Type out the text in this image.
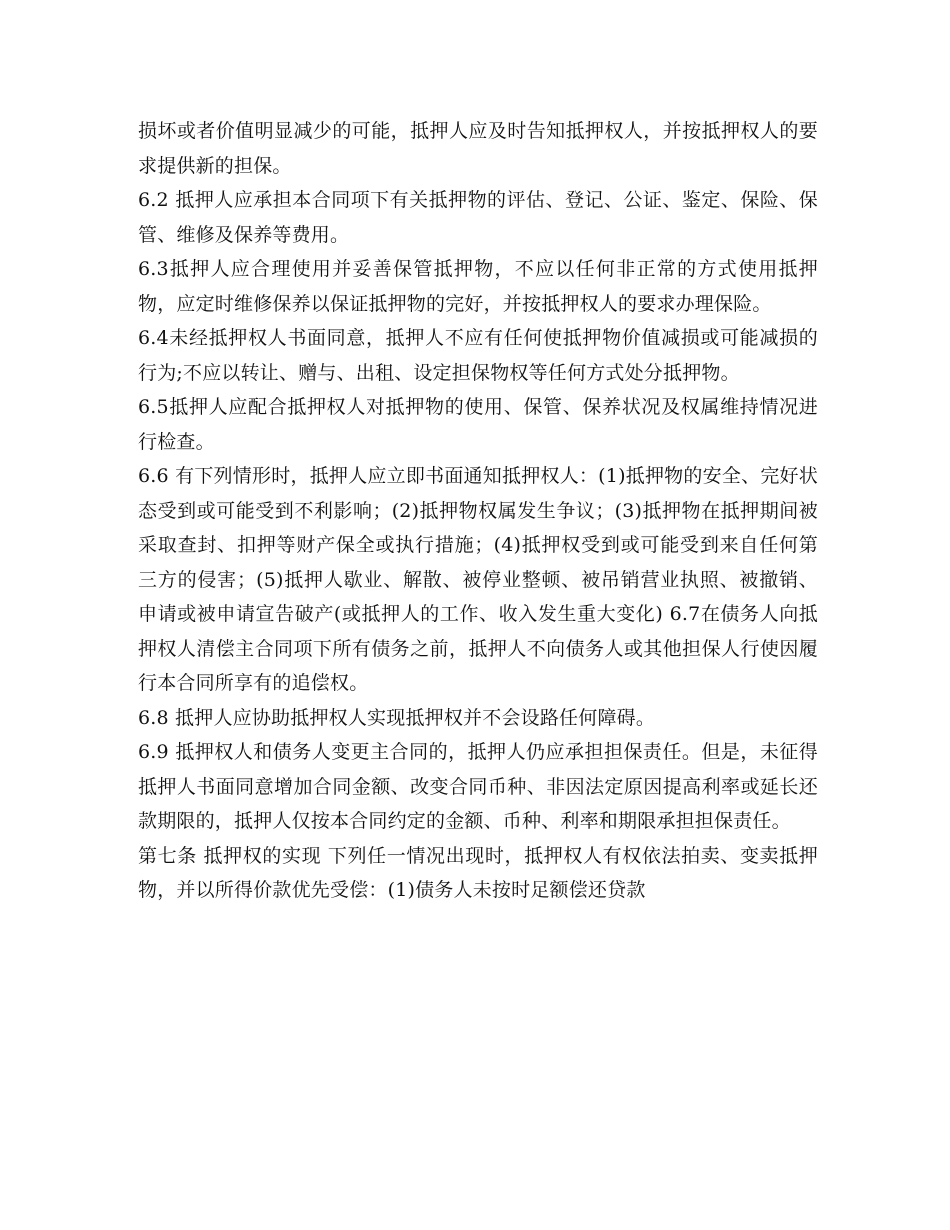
损坏或者价值明显减少的可能，抵押人应及时告知抵押权人，并按抵押权人的要求提供新的担保。

6.2 抵押人应承担本合同项下有关抵押物的评估、登记、公证、鉴定、保险、保管、维修及保养等费用。

6.3抵押人应合理使用并妥善保管抵押物，不应以任何非正常的方式使用抵押物，应定时维修保养以保证抵押物的完好，并按抵押权人的要求办理保险。

6.4未经抵押权人书面同意，抵押人不应有任何使抵押物价值减损或可能减损的行为;不应以转让、赠与、出租、设定担保物权等任何方式处分抵押物。

6.5抵押人应配合抵押权人对抵押物的使用、保管、保养状况及权属维持情况进行检查。

6.6 有下列情形时，抵押人应立即书面通知抵押权人：(1)抵押物的安全、完好状态受到或可能受到不利影响；(2)抵押物权属发生争议；(3)抵押物在抵押期间被采取查封、扣押等财产保全或执行措施；(4)抵押权受到或可能受到来自任何第三方的侵害；(5)抵押人歇业、解散、被停业整顿、被吊销营业执照、被撤销、申请或被申请宣告破产(或抵押人的工作、收入发生重大变化) 6.7在债务人向抵押权人清偿主合同项下所有债务之前，抵押人不向债务人或其他担保人行使因履行本合同所享有的追偿权。

6.8 抵押人应协助抵押权人实现抵押权并不会设路任何障碍。

6.9 抵押权人和债务人变更主合同的，抵押人仍应承担担保责任。但是，未征得抵押人书面同意增加合同金额、改变合同币种、非因法定原因提高利率或延长还款期限的，抵押人仅按本合同约定的金额、币种、利率和期限承担担保责任。

第七条 抵押权的实现 下列任一情况出现时，抵押权人有权依法拍卖、变卖抵押物，并以所得价款优先受偿：(1)债务人未按时足额偿还贷款
